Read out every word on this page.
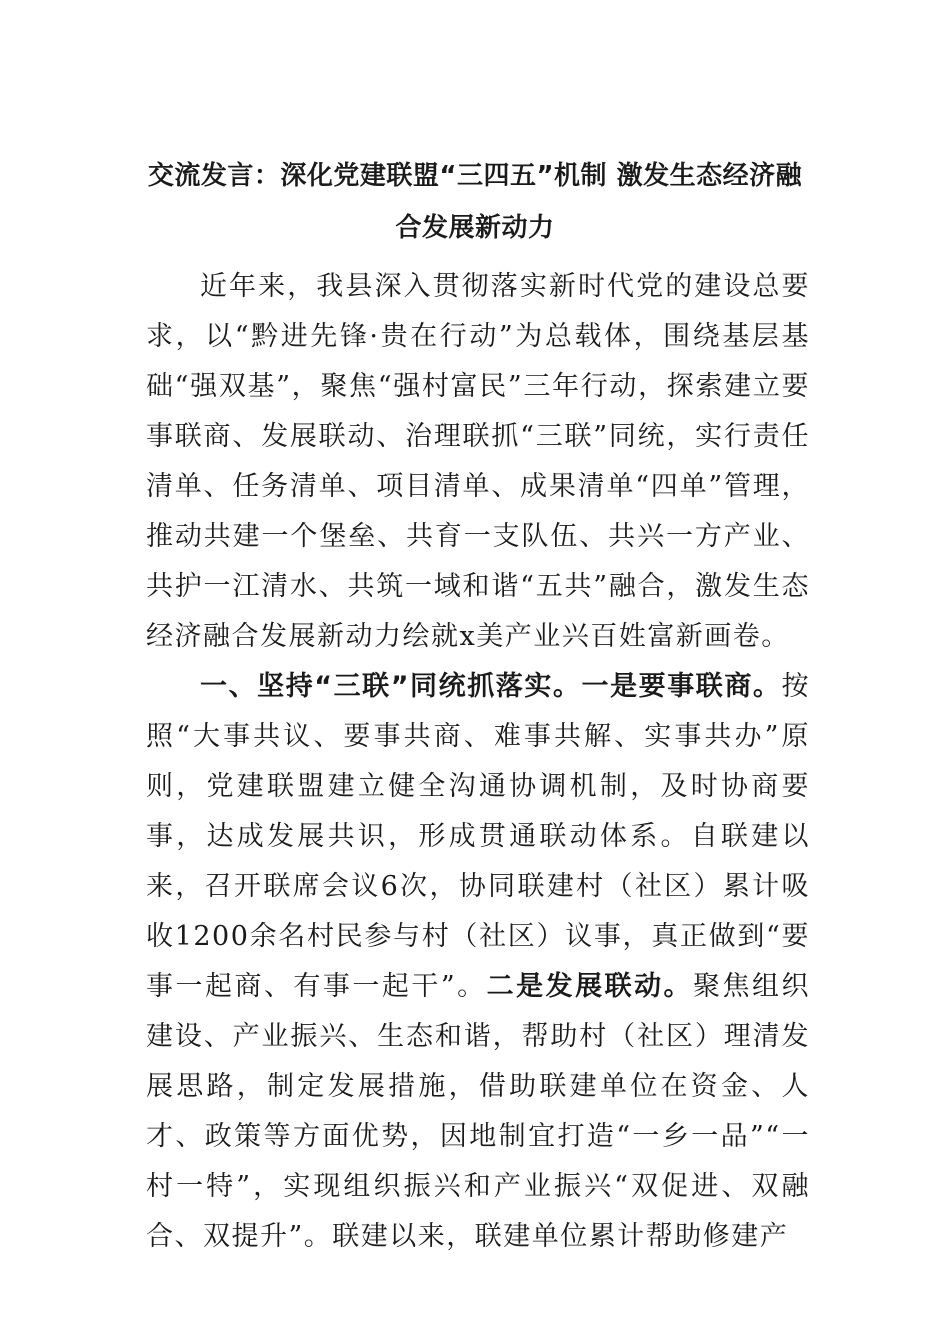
交流发言：深化党建联盟“三四五”机制 激发生态经济融
合发展新动力

近年来，我县深入贯彻落实新时代党的建设总要求，以“黔进先锋·贵在行动”为总载体，围绕基层基础“强双基”，聚焦“强村富民”三年行动，探索建立要事联商、发展联动、治理联抓“三联”同统，实行责任清单、任务清单、项目清单、成果清单“四单”管理，推动共建一个堡垒、共育一支队伍、共兴一方产业、共护一江清水、共筑一域和谐“五共”融合，激发生态经济融合发展新动力绘就x美产业兴百姓富新画卷。

一、坚持“三联”同统抓落实。一是要事联商。按照“大事共议、要事共商、难事共解、实事共办”原则，党建联盟建立健全沟通协调机制，及时协商要事，达成发展共识，形成贯通联动体系。自联建以来，召开联席会议6次，协同联建村（社区）累计吸收1200余名村民参与村（社区）议事，真正做到“要事一起商、有事一起干”。二是发展联动。聚焦组织建设、产业振兴、生态和谐，帮助村（社区）理清发展思路，制定发展措施，借助联建单位在资金、人才、政策等方面优势，因地制宜打造“一乡一品”“一村一特”，实现组织振兴和产业振兴“双促进、双融合、双提升”。联建以来，联建单位累计帮助修建产
